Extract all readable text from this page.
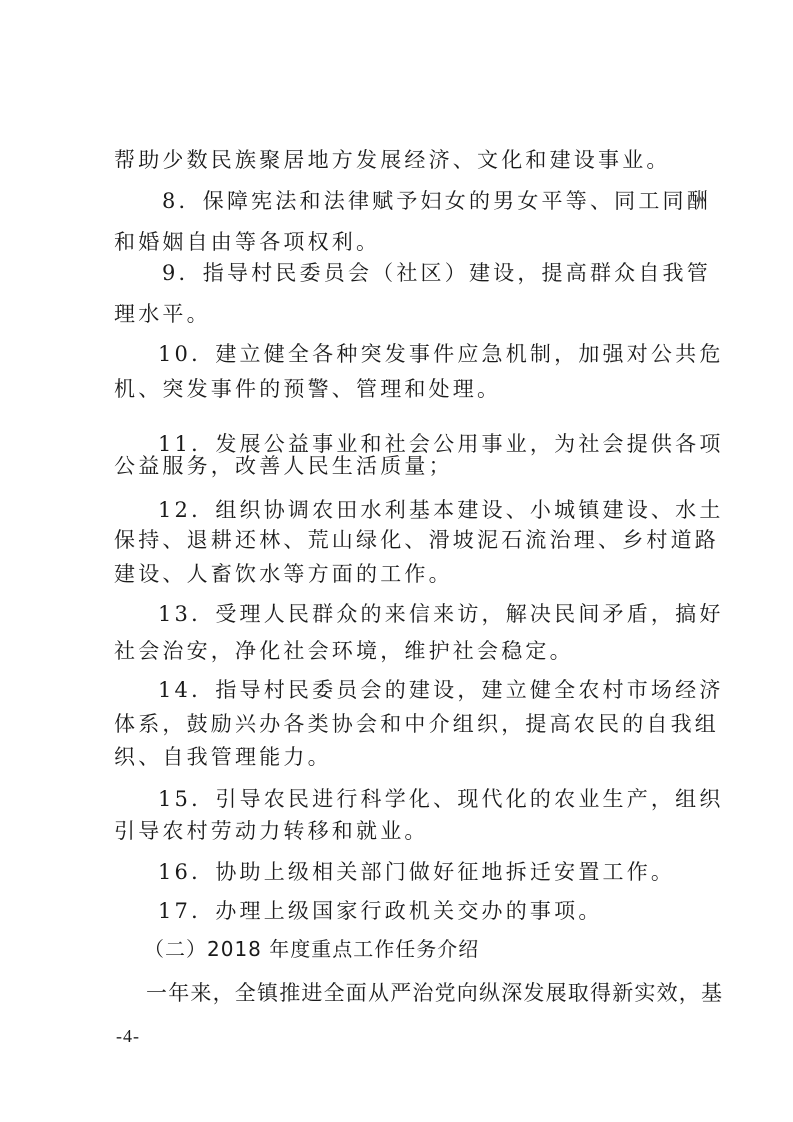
帮助少数民族聚居地方发展经济、文化和建设事业。
8．保障宪法和法律赋予妇女的男女平等、同工同酬
和婚姻自由等各项权利。
9．指导村民委员会（社区）建设，提高群众自我管
理水平。
10．建立健全各种突发事件应急机制，加强对公共危
机、突发事件的预警、管理和处理。
11．发展公益事业和社会公用事业，为社会提供各项
公益服务，改善人民生活质量；
12．组织协调农田水利基本建设、小城镇建设、水土
保持、退耕还林、荒山绿化、滑坡泥石流治理、乡村道路
建设、人畜饮水等方面的工作。
13．受理人民群众的来信来访，解决民间矛盾，搞好
社会治安，净化社会环境，维护社会稳定。
14．指导村民委员会的建设，建立健全农村市场经济
体系，鼓励兴办各类协会和中介组织，提高农民的自我组
织、自我管理能力。
15．引导农民进行科学化、现代化的农业生产，组织
引导农村劳动力转移和就业。
16．协助上级相关部门做好征地拆迁安置工作。
17．办理上级国家行政机关交办的事项。
（二）2018 年度重点工作任务介绍
一年来，全镇推进全面从严治党向纵深发展取得新实效，基
-4-
